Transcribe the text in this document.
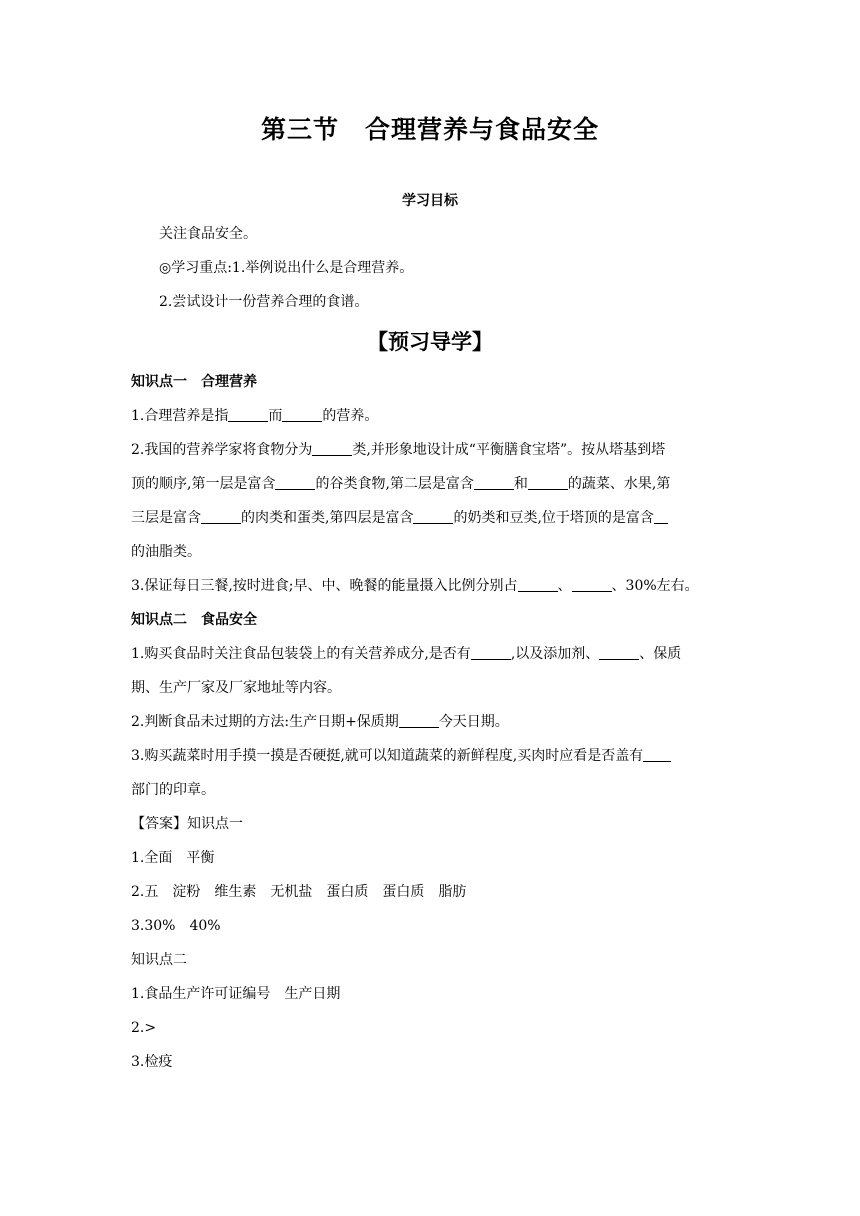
第三节　合理营养与食品安全
学习目标
关注食品安全。
◎学习重点:1.举例说出什么是合理营养。
2.尝试设计一份营养合理的食谱。
【预习导学】
知识点一　合理营养
1.合理营养是指	而	的营养。
2.我国的营养学家将食物分为	类,并形象地设计成“平衡膳食宝塔”。按从塔基到塔
顶的顺序,第一层是富含	的谷类食物,第二层是富含	和	的蔬菜、水果,第
三层是富含	的肉类和蛋类,第四层是富含	的奶类和豆类,位于塔顶的是富含
的油脂类。
3.保证每日三餐,按时进食;早、中、晚餐的能量摄入比例分别占	、	、30%左右。
知识点二　食品安全
1.购买食品时关注食品包装袋上的有关营养成分,是否有	,以及添加剂、	、保质
期、生产厂家及厂家地址等内容。
2.判断食品未过期的方法:生产日期+保质期	今天日期。
3.购买蔬菜时用手摸一摸是否硬挺,就可以知道蔬菜的新鲜程度,买肉时应看是否盖有
部门的印章。
【答案】知识点一
1.全面　平衡
2.五　淀粉　维生素　无机盐　蛋白质　蛋白质　脂肪
3.30%　40%
知识点二
1.食品生产许可证编号　生产日期
2.>
3.检疫
